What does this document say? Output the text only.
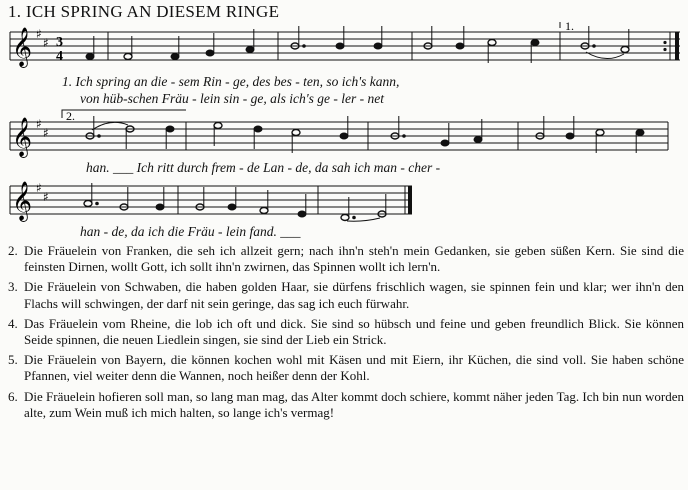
1. ICH SPRING AN DIESEM RINGE
𝄞 ♯
♯ 3
4
1.
1. Ich spring an die - sem Rin - ge, des bes - ten, so ich's kann,
von hüb-schen Fräu - lein sin - ge, als ich's ge - ler - net
2.
𝄞 ♯
♯
han. ___ Ich ritt durch frem - de Lan - de, da sah ich man - cher -
𝄞 ♯
♯
han - de, da ich die Fräu - lein fand. ___
2. Die Fräuelein von Franken, die seh ich allzeit gern; nach ihn'n steh'n mein Gedanken, sie geben süßen Kern. Sie sind die feinsten Dirnen, wollt Gott, ich sollt ihn'n zwirnen, das Spinnen wollt ich lern'n.
3. Die Fräuelein von Schwaben, die haben golden Haar, sie dürfens frischlich wagen, sie spinnen fein und klar; wer ihn'n den Flachs will schwingen, der darf nit sein geringe, das sag ich euch fürwahr.
4. Das Fräuelein vom Rheine, die lob ich oft und dick. Sie sind so hübsch und feine und geben freundlich Blick. Sie können Seide spinnen, die neuen Liedlein singen, sie sind der Lieb ein Strick.
5. Die Fräuelein von Bayern, die können kochen wohl mit Käsen und mit Eiern, ihr Küchen, die sind voll. Sie haben schöne Pfannen, viel weiter denn die Wannen, noch heißer denn der Kohl.
6. Die Fräuelein hofieren soll man, so lang man mag, das Alter kommt doch schiere, kommt näher jeden Tag. Ich bin nun worden alte, zum Wein muß ich mich halten, so lange ich's vermag!
